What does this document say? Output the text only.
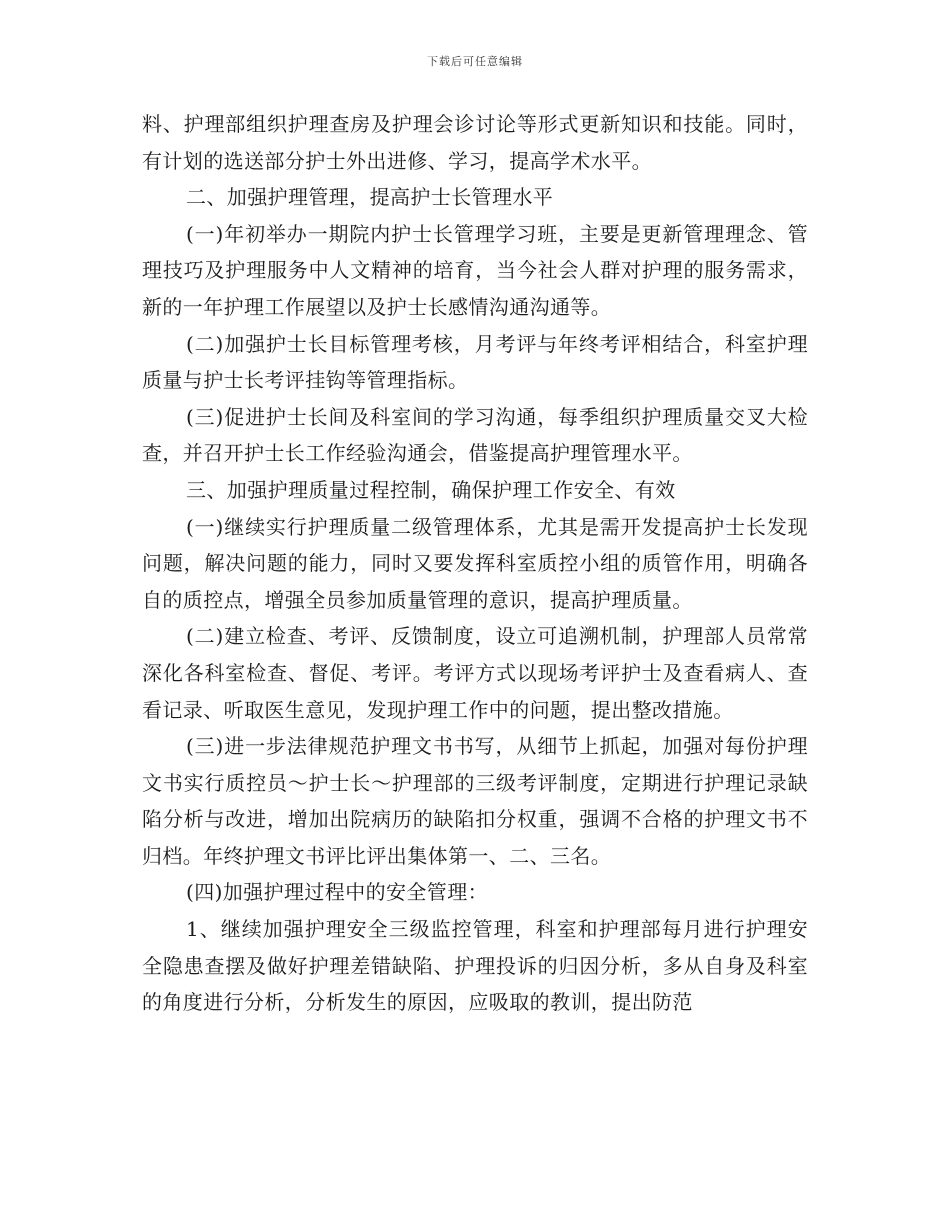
下载后可任意编辑

料、护理部组织护理查房及护理会诊讨论等形式更新知识和技能。同时，有计划的选送部分护士外出进修、学习，提高学术水平。

二、加强护理管理，提高护士长管理水平

(一)年初举办一期院内护士长管理学习班，主要是更新管理理念、管理技巧及护理服务中人文精神的培育，当今社会人群对护理的服务需求，新的一年护理工作展望以及护士长感情沟通沟通等。

(二)加强护士长目标管理考核，月考评与年终考评相结合，科室护理质量与护士长考评挂钩等管理指标。

(三)促进护士长间及科室间的学习沟通，每季组织护理质量交叉大检查，并召开护士长工作经验沟通会，借鉴提高护理管理水平。

三、加强护理质量过程控制，确保护理工作安全、有效

(一)继续实行护理质量二级管理体系，尤其是需开发提高护士长发现问题，解决问题的能力，同时又要发挥科室质控小组的质管作用，明确各自的质控点，增强全员参加质量管理的意识，提高护理质量。

(二)建立检查、考评、反馈制度，设立可追溯机制，护理部人员常常深化各科室检查、督促、考评。考评方式以现场考评护士及查看病人、查看记录、听取医生意见，发现护理工作中的问题，提出整改措施。

(三)进一步法律规范护理文书书写，从细节上抓起，加强对每份护理文书实行质控员～护士长～护理部的三级考评制度，定期进行护理记录缺陷分析与改进，增加出院病历的缺陷扣分权重，强调不合格的护理文书不归档。年终护理文书评比评出集体第一、二、三名。

(四)加强护理过程中的安全管理：

1、继续加强护理安全三级监控管理，科室和护理部每月进行护理安全隐患查摆及做好护理差错缺陷、护理投诉的归因分析，多从自身及科室的角度进行分析，分析发生的原因，应吸取的教训，提出防范
